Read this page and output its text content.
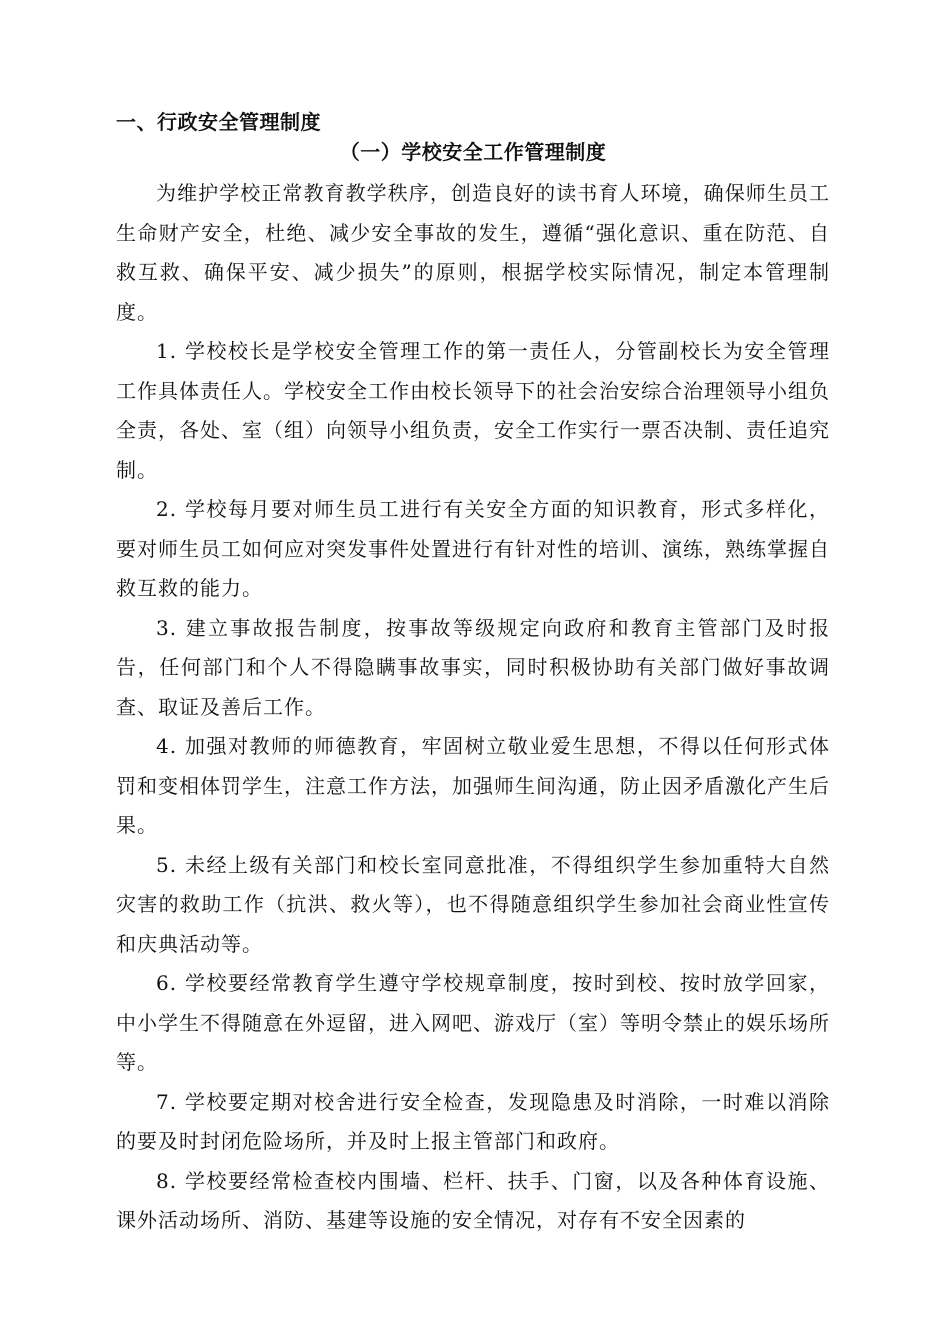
一、行政安全管理制度
（一）学校安全工作管理制度

为维护学校正常教育教学秩序，创造良好的读书育人环境，确保师生员工生命财产安全，杜绝、减少安全事故的发生，遵循“强化意识、重在防范、自救互救、确保平安、减少损失”的原则，根据学校实际情况，制定本管理制度。

1. 学校校长是学校安全管理工作的第一责任人，分管副校长为安全管理工作具体责任人。学校安全工作由校长领导下的社会治安综合治理领导小组负全责，各处、室（组）向领导小组负责，安全工作实行一票否决制、责任追究制。

2. 学校每月要对师生员工进行有关安全方面的知识教育，形式多样化，要对师生员工如何应对突发事件处置进行有针对性的培训、演练，熟练掌握自救互救的能力。

3. 建立事故报告制度，按事故等级规定向政府和教育主管部门及时报告，任何部门和个人不得隐瞒事故事实，同时积极协助有关部门做好事故调查、取证及善后工作。

4. 加强对教师的师德教育，牢固树立敬业爱生思想，不得以任何形式体罚和变相体罚学生，注意工作方法，加强师生间沟通，防止因矛盾激化产生后果。

5. 未经上级有关部门和校长室同意批准，不得组织学生参加重特大自然灾害的救助工作（抗洪、救火等），也不得随意组织学生参加社会商业性宣传和庆典活动等。

6. 学校要经常教育学生遵守学校规章制度，按时到校、按时放学回家，中小学生不得随意在外逗留，进入网吧、游戏厅（室）等明令禁止的娱乐场所等。

7. 学校要定期对校舍进行安全检查，发现隐患及时消除，一时难以消除的要及时封闭危险场所，并及时上报主管部门和政府。

8. 学校要经常检查校内围墙、栏杆、扶手、门窗，以及各种体育设施、课外活动场所、消防、基建等设施的安全情况，对存有不安全因素的
